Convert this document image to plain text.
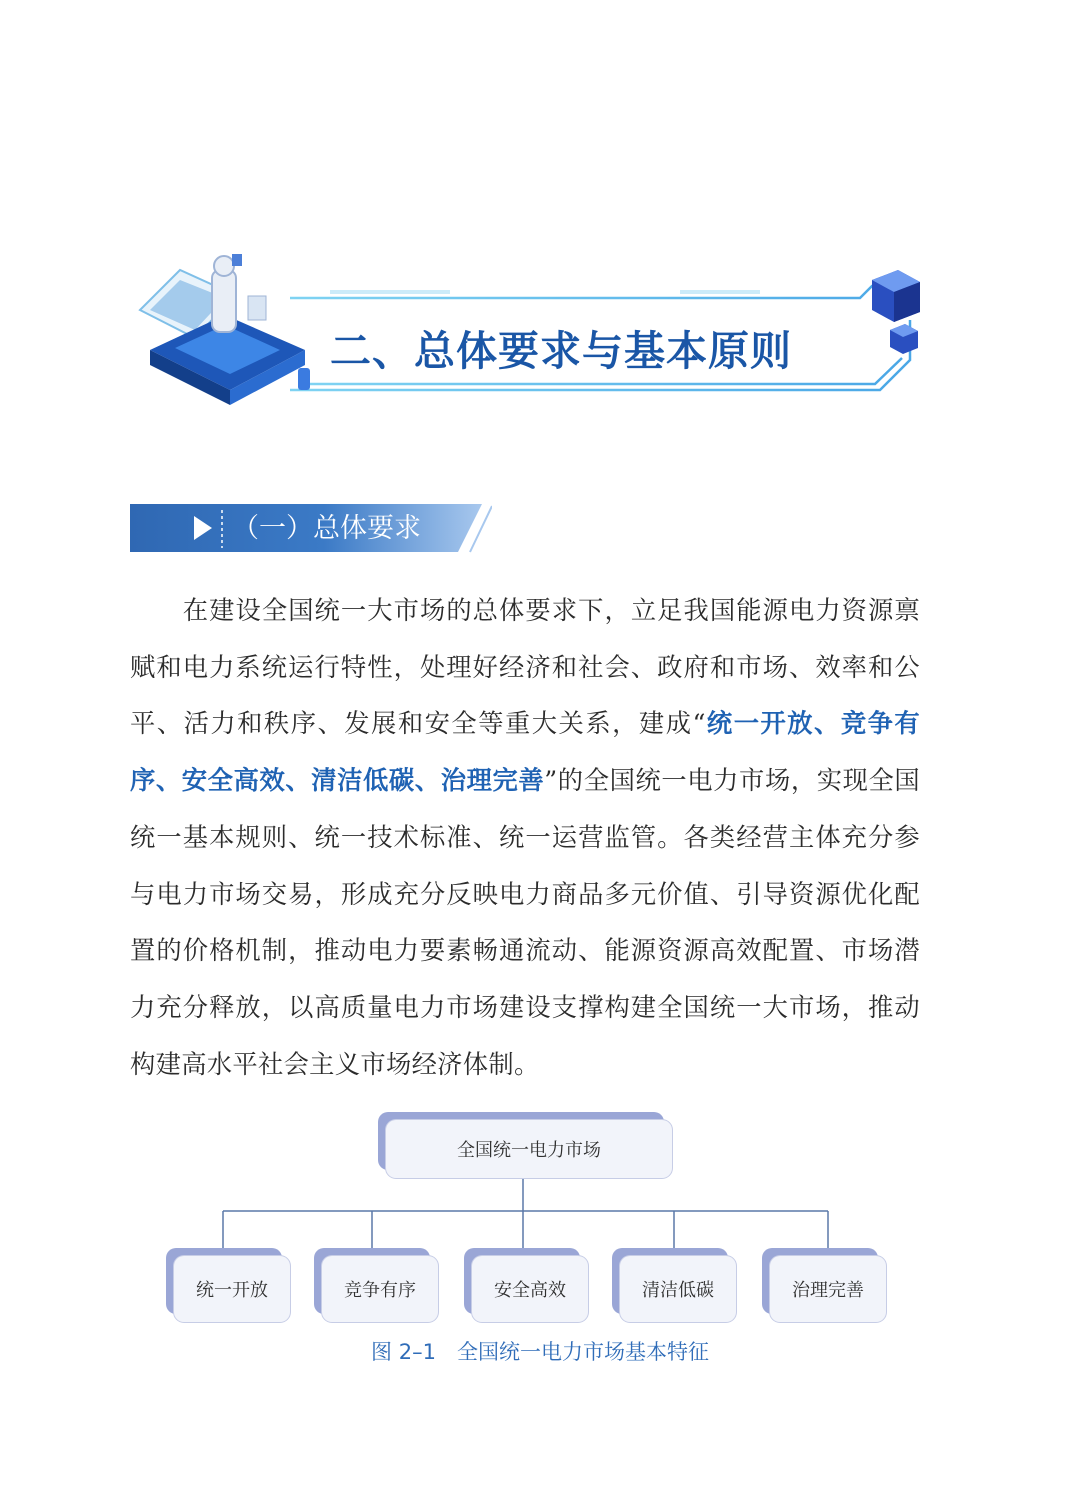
二、总体要求与基本原则
（一）总体要求

在建设全国统一大市场的总体要求下，立足我国能源电力资源禀赋和电力系统运行特性，处理好经济和社会、政府和市场、效率和公平、活力和秩序、发展和安全等重大关系，建成“统一开放、竞争有序、安全高效、清洁低碳、治理完善”的全国统一电力市场，实现全国统一基本规则、统一技术标准、统一运营监管。各类经营主体充分参与电力市场交易，形成充分反映电力商品多元价值、引导资源优化配置的价格机制，推动电力要素畅通流动、能源资源高效配置、市场潜力充分释放，以高质量电力市场建设支撑构建全国统一大市场，推动构建高水平社会主义市场经济体制。

全国统一电力市场
统一开放	竞争有序	安全高效	清洁低碳	治理完善
图 2–1　全国统一电力市场基本特征
